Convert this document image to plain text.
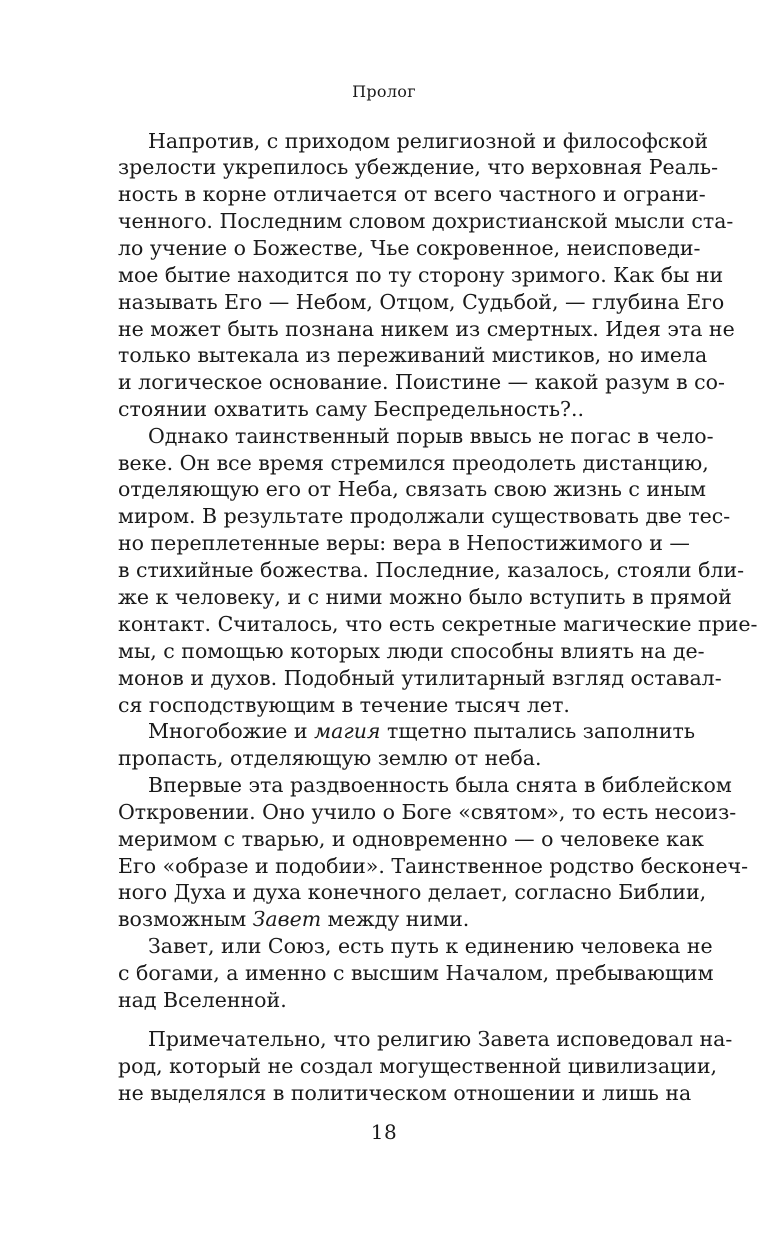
Пролог
Напротив, с приходом религиозной и философской
зрелости укрепилось убеждение, что верховная Реаль-
ность в корне отличается от всего частного и ограни-
ченного. Последним словом дохристианской мысли ста-
ло учение о Божестве, Чье сокровенное, неисповеди-
мое бытие находится по ту сторону зримого. Как бы ни
называть Его — Небом, Отцом, Судьбой, — глубина Его
не может быть познана никем из смертных. Идея эта не
только вытекала из переживаний мистиков, но имела
и логическое основание. Поистине — какой разум в со-
стоянии охватить саму Беспредельность?..
Однако таинственный порыв ввысь не погас в чело-
веке. Он все время стремился преодолеть дистанцию,
отделяющую его от Неба, связать свою жизнь с иным
миром. В результате продолжали существовать две тес-
но переплетенные веры: вера в Непостижимого и —
в стихийные божества. Последние, казалось, стояли бли-
же к человеку, и с ними можно было вступить в прямой
контакт. Считалось, что есть секретные магические прие-
мы, с помощью которых люди способны влиять на де-
монов и духов. Подобный утилитарный взгляд оставал-
ся господствующим в течение тысяч лет.
Многобожие и магия тщетно пытались заполнить
пропасть, отделяющую землю от неба.
Впервые эта раздвоенность была снята в библейском
Откровении. Оно учило о Боге «святом», то есть несоиз-
меримом с тварью, и одновременно — о человеке как
Его «образе и подобии». Таинственное родство бесконеч-
ного Духа и духа конечного делает, согласно Библии,
возможным Завет между ними.
Завет, или Союз, есть путь к единению человека не
с богами, а именно с высшим Началом, пребывающим
над Вселенной.
Примечательно, что религию Завета исповедовал на-
род, который не создал могущественной цивилизации,
не выделялся в политическом отношении и лишь на
18
